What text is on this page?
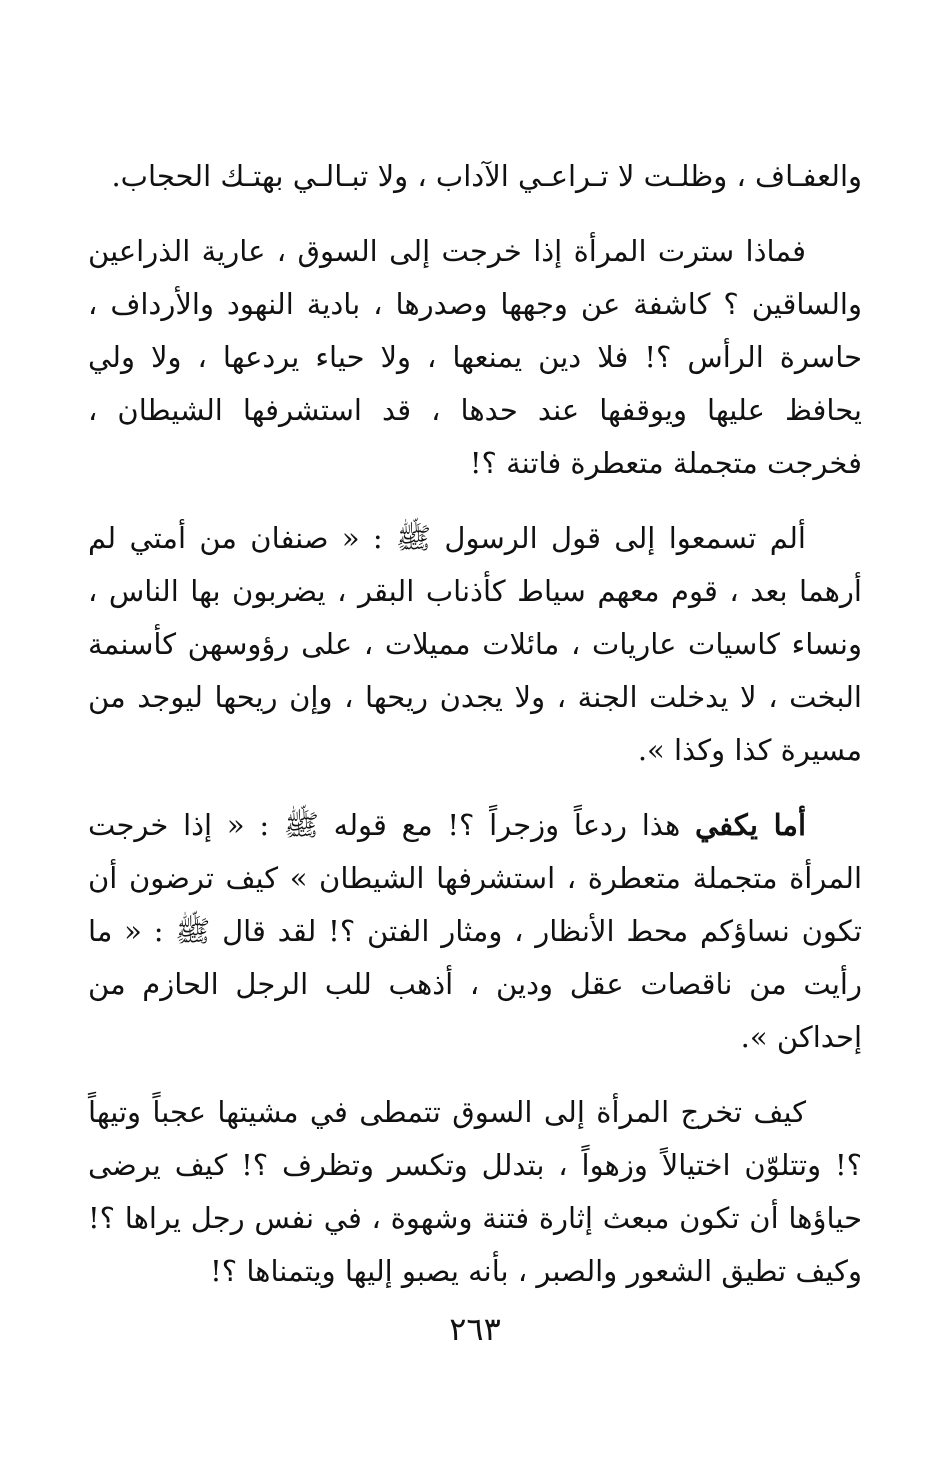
والعفـاف ، وظلـت لا تـراعـي الآداب ، ولا تبـالـي بهتـك الحجاب.

فماذا سترت المرأة إذا خرجت إلى السوق ، عارية الذراعين والساقين ؟ كاشفة عن وجهها وصدرها ، بادية النهود والأرداف ، حاسرة الرأس ؟! فلا دين يمنعها ، ولا حياء يردعها ، ولا ولي يحافظ عليها ويوقفها عند حدها ، قد استشرفها الشيطان ، فخرجت متجملة متعطرة فاتنة ؟!

ألم تسمعوا إلى قول الرسول ﷺ : « صنفان من أمتي لم أرهما بعد ، قوم معهم سياط كأذناب البقر ، يضربون بها الناس ، ونساء كاسيات عاريات ، مائلات مميلات ، على رؤوسهن كأسنمة البخت ، لا يدخلت الجنة ، ولا يجدن ريحها ، وإن ريحها ليوجد من مسيرة كذا وكذا ».

أما يكفي هذا ردعاً وزجراً ؟! مع قوله ﷺ : « إذا خرجت المرأة متجملة متعطرة ، استشرفها الشيطان » كيف ترضون أن تكون نساؤكم محط الأنظار ، ومثار الفتن ؟! لقد قال ﷺ : « ما رأيت من ناقصات عقل ودين ، أذهب للب الرجل الحازم من إحداكن ».

كيف تخرج المرأة إلى السوق تتمطى في مشيتها عجباً وتيهاً ؟! وتتلوّن اختيالاً وزهواً ، بتدلل وتكسر وتظرف ؟! كيف يرضى حياؤها أن تكون مبعث إثارة فتنة وشهوة ، في نفس رجل يراها ؟! وكيف تطيق الشعور والصبر ، بأنه يصبو إليها ويتمناها ؟!

٢٦٣
